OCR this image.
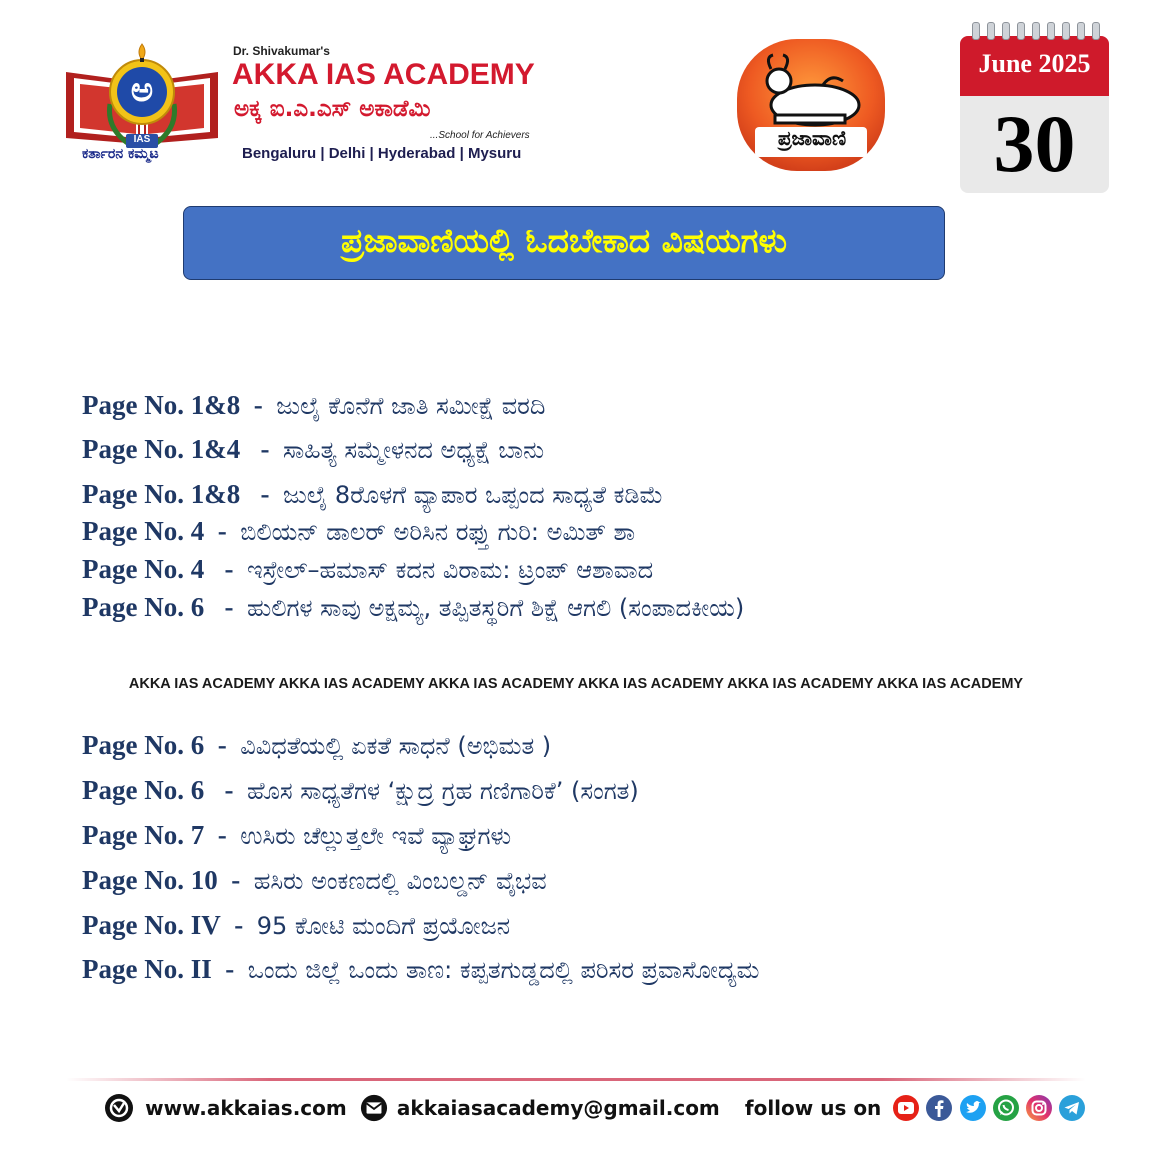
ಅ
IAS
ಕರ್ತಾರನ ಕಮ್ಮಟ
Dr. Shivakumar's
AKKA IAS ACADEMY
ಅಕ್ಕ ಐ.ಎ.ಎಸ್ ಅಕಾಡೆಮಿ
...School for Achievers
Bengaluru | Delhi | Hyderabad | Mysuru
ಪ್ರಜಾವಾಣಿ
June 2025
30
ಪ್ರಜಾವಾಣಿಯಲ್ಲಿ ಓದಬೇಕಾದ ವಿಷಯಗಳು
Page No. 1&8  -  ಜುಲೈ ಕೊನೆಗೆ ಜಾತಿ ಸಮೀಕ್ಷೆ ವರದಿ
Page No. 1&4   -  ಸಾಹಿತ್ಯ ಸಮ್ಮೇಳನದ ಅಧ್ಯಕ್ಷೆ ಬಾನು
Page No. 1&8   -  ಜುಲೈ 8ರೊಳಗೆ ವ್ಯಾಪಾರ ಒಪ್ಪಂದ ಸಾಧ್ಯತೆ ಕಡಿಮೆ
Page No. 4  -  ಬಿಲಿಯನ್ ಡಾಲರ್ ಅರಿಸಿನ ರಫ್ತು ಗುರಿ: ಅಮಿತ್ ಶಾ
Page No. 4   -  ಇಸ್ರೇಲ್–ಹಮಾಸ್ ಕದನ ವಿರಾಮ: ಟ್ರಂಪ್ ಆಶಾವಾದ
Page No. 6   -  ಹುಲಿಗಳ ಸಾವು ಅಕ್ಷಮ್ಯ, ತಪ್ಪಿತಸ್ಥರಿಗೆ ಶಿಕ್ಷೆ ಆಗಲಿ (ಸಂಪಾದಕೀಯ)
AKKA IAS ACADEMY AKKA IAS ACADEMY AKKA IAS ACADEMY AKKA IAS ACADEMY AKKA IAS ACADEMY AKKA IAS ACADEMY
Page No. 6  -  ವಿವಿಧತೆಯಲ್ಲಿ ಏಕತೆ ಸಾಧನೆ (ಅಭಿಮತ )
Page No. 6   -  ಹೊಸ ಸಾಧ್ಯತೆಗಳ ‘ಕ್ಷುದ್ರ ಗ್ರಹ ಗಣಿಗಾರಿಕೆ’ (ಸಂಗತ)
Page No. 7  -  ಉಸಿರು ಚೆಲ್ಲುತ್ತಲೇ ಇವೆ ವ್ಯಾಘ್ರಗಳು
Page No. 10  -  ಹಸಿರು ಅಂಕಣದಲ್ಲಿ ವಿಂಬಲ್ಡನ್ ವೈಭವ
Page No. IV  -  95 ಕೋಟಿ ಮಂದಿಗೆ ಪ್ರಯೋಜನ
Page No. II  -  ಒಂದು ಜಿಲ್ಲೆ ಒಂದು ತಾಣ: ಕಪ್ಪತಗುಡ್ಡದಲ್ಲಿ ಪರಿಸರ ಪ್ರವಾಸೋದ್ಯಮ
www.akkaias.com	akkaiasacademy@gmail.com follow us on
